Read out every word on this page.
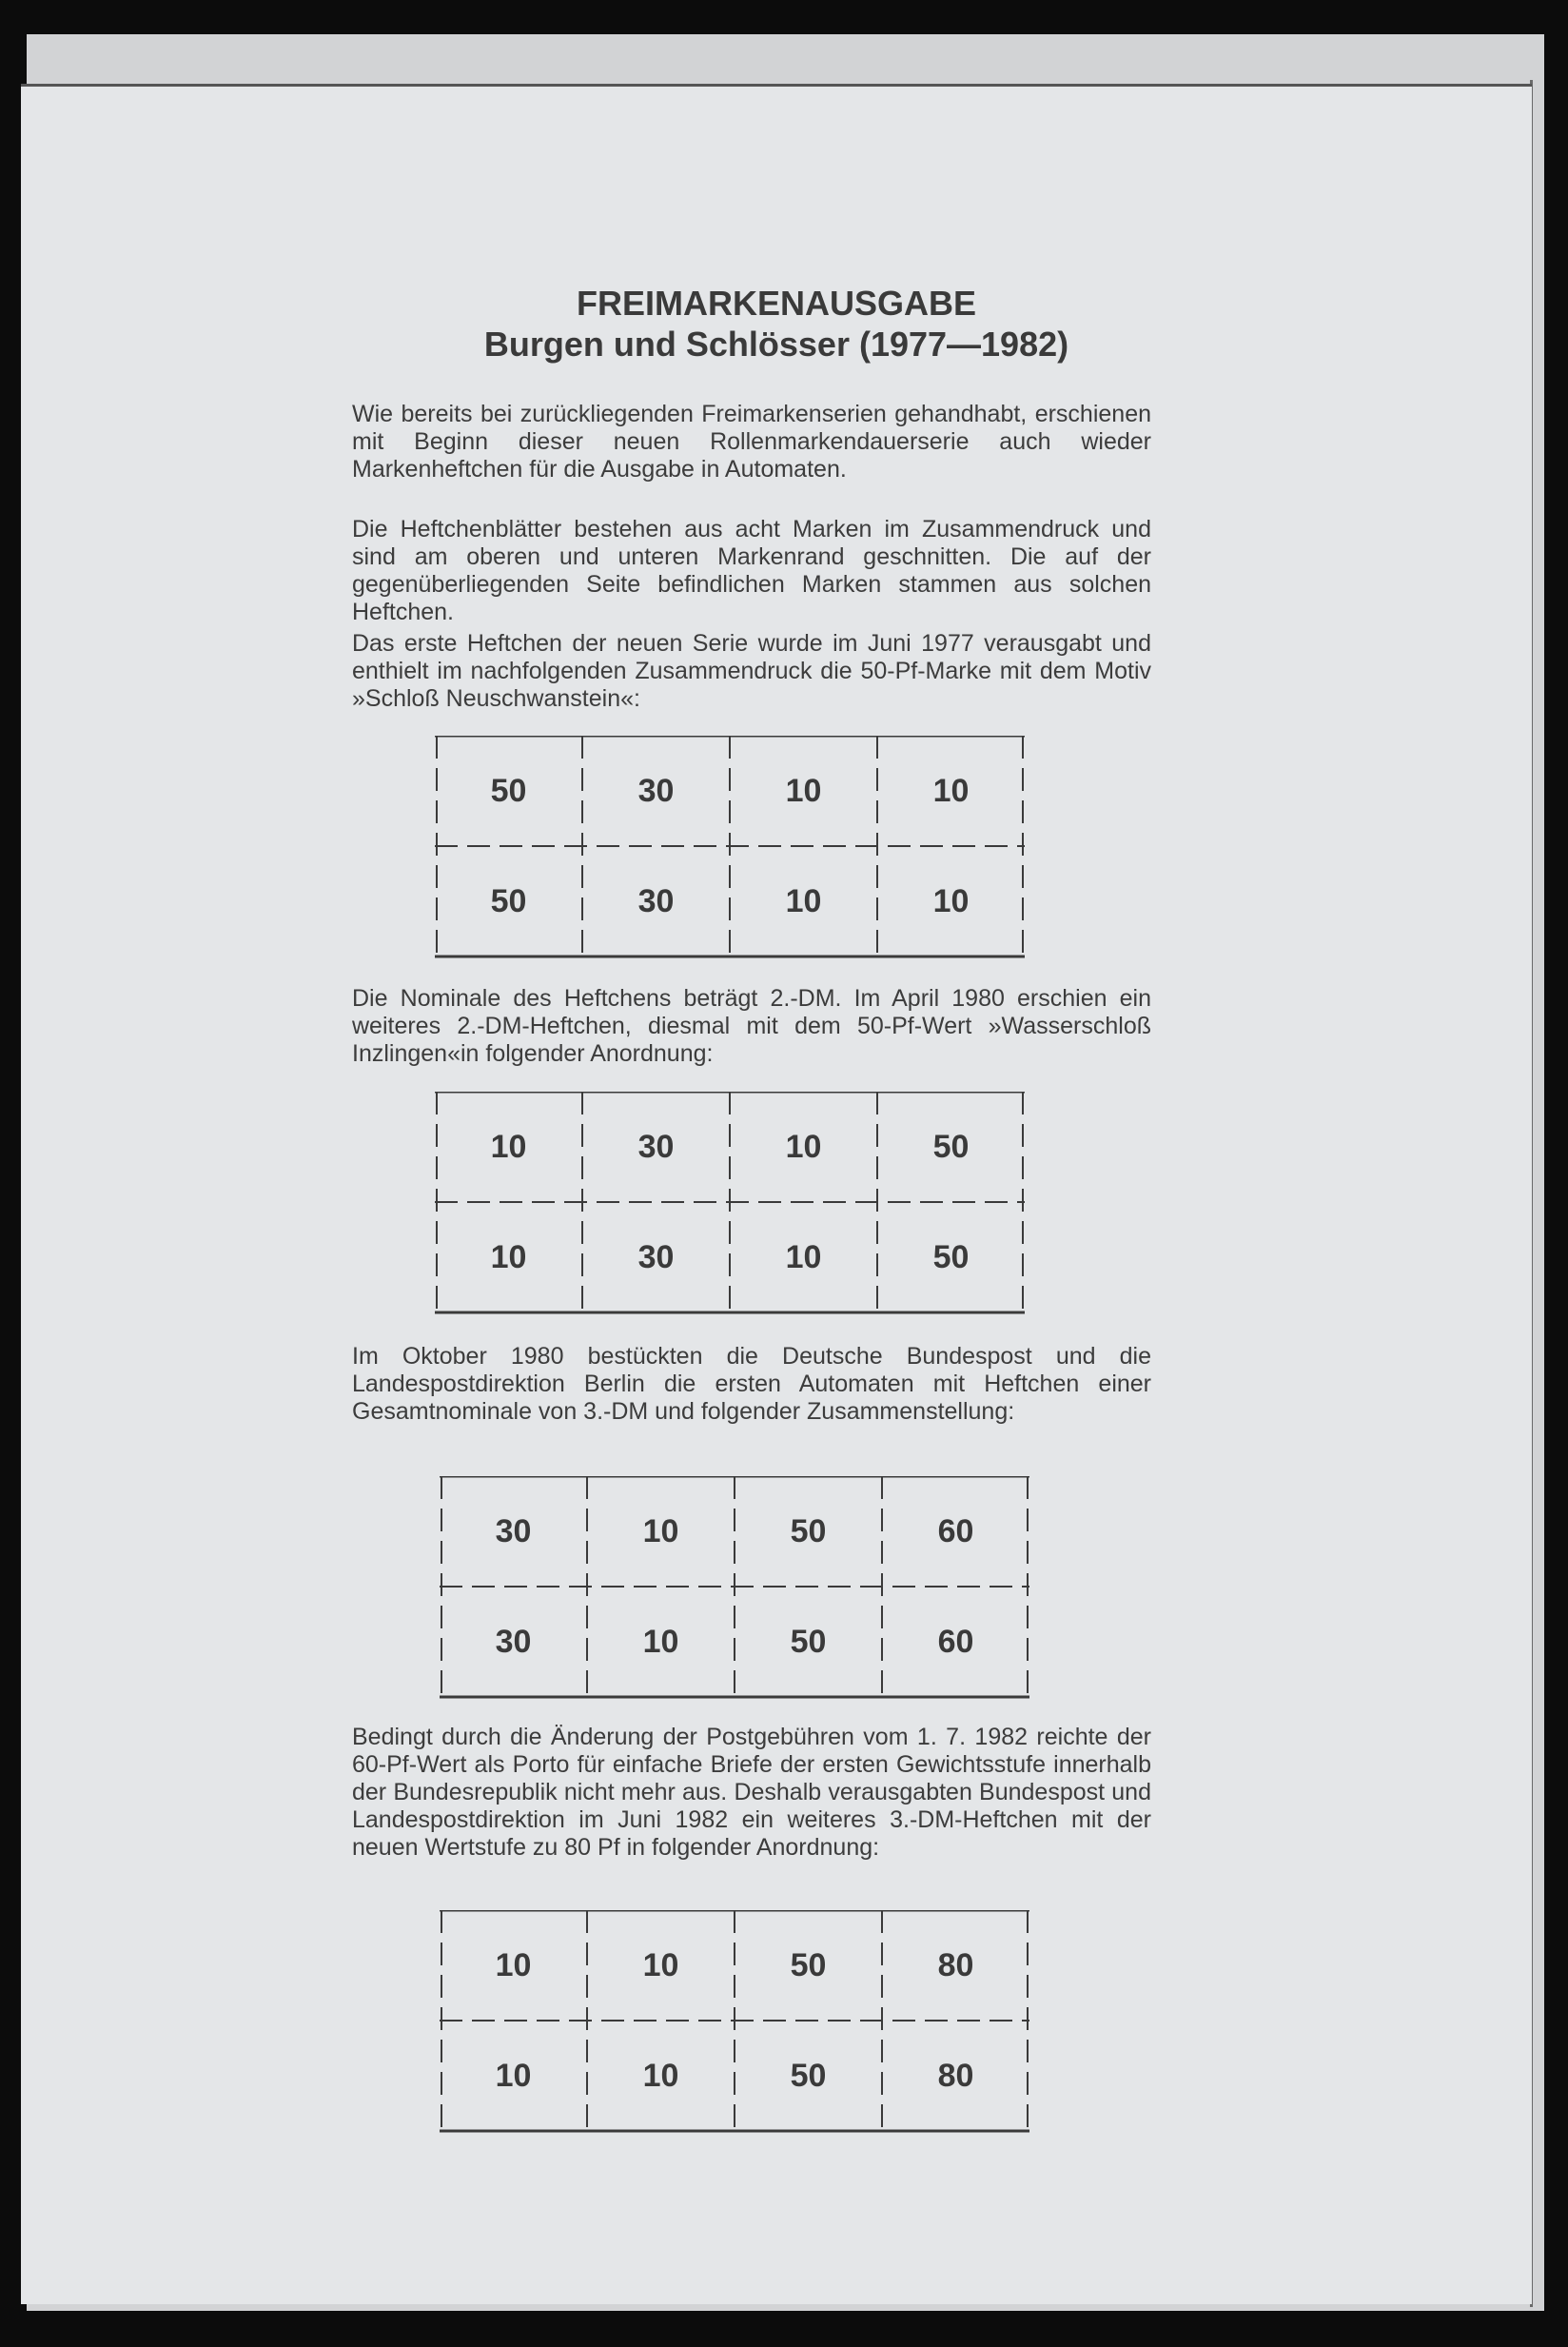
FREIMARKENAUSGABE
Burgen und Schlösser (1977—1982)

Wie bereits bei zurückliegenden Freimarkenserien gehandhabt, erschienen mit Beginn dieser neuen Rollenmarkendauerserie auch wieder Markenheftchen für die Ausgabe in Automaten.

Die Heftchenblätter bestehen aus acht Marken im Zusammendruck und sind am oberen und unteren Markenrand geschnitten. Die auf der gegenüberliegenden Seite befindlichen Marken stammen aus solchen Heftchen.

Das erste Heftchen der neuen Serie wurde im Juni 1977 verausgabt und enthielt im nachfolgenden Zusammendruck die 50-Pf-Marke mit dem Motiv »Schloß Neuschwanstein«:

50	30	10	10
50	30	10	10

Die Nominale des Heftchens beträgt 2.-DM. Im April 1980 erschien ein weiteres 2.-DM-Heftchen, diesmal mit dem 50-Pf-Wert »Wasserschloß Inzlingen«in folgender Anordnung:

10	30	10	50
10	30	10	50

Im Oktober 1980 bestückten die Deutsche Bundespost und die Landespostdirektion Berlin die ersten Automaten mit Heftchen einer Gesamtnominale von 3.-DM und folgender Zusammenstellung:

30	10	50	60
30	10	50	60

Bedingt durch die Änderung der Postgebühren vom 1. 7. 1982 reichte der 60-Pf-Wert als Porto für einfache Briefe der ersten Gewichtsstufe innerhalb der Bundesrepublik nicht mehr aus. Deshalb verausgabten Bundespost und Landespostdirektion im Juni 1982 ein weiteres 3.-DM-Heftchen mit der neuen Wertstufe zu 80 Pf in folgender Anordnung:

10	10	50	80
10	10	50	80
